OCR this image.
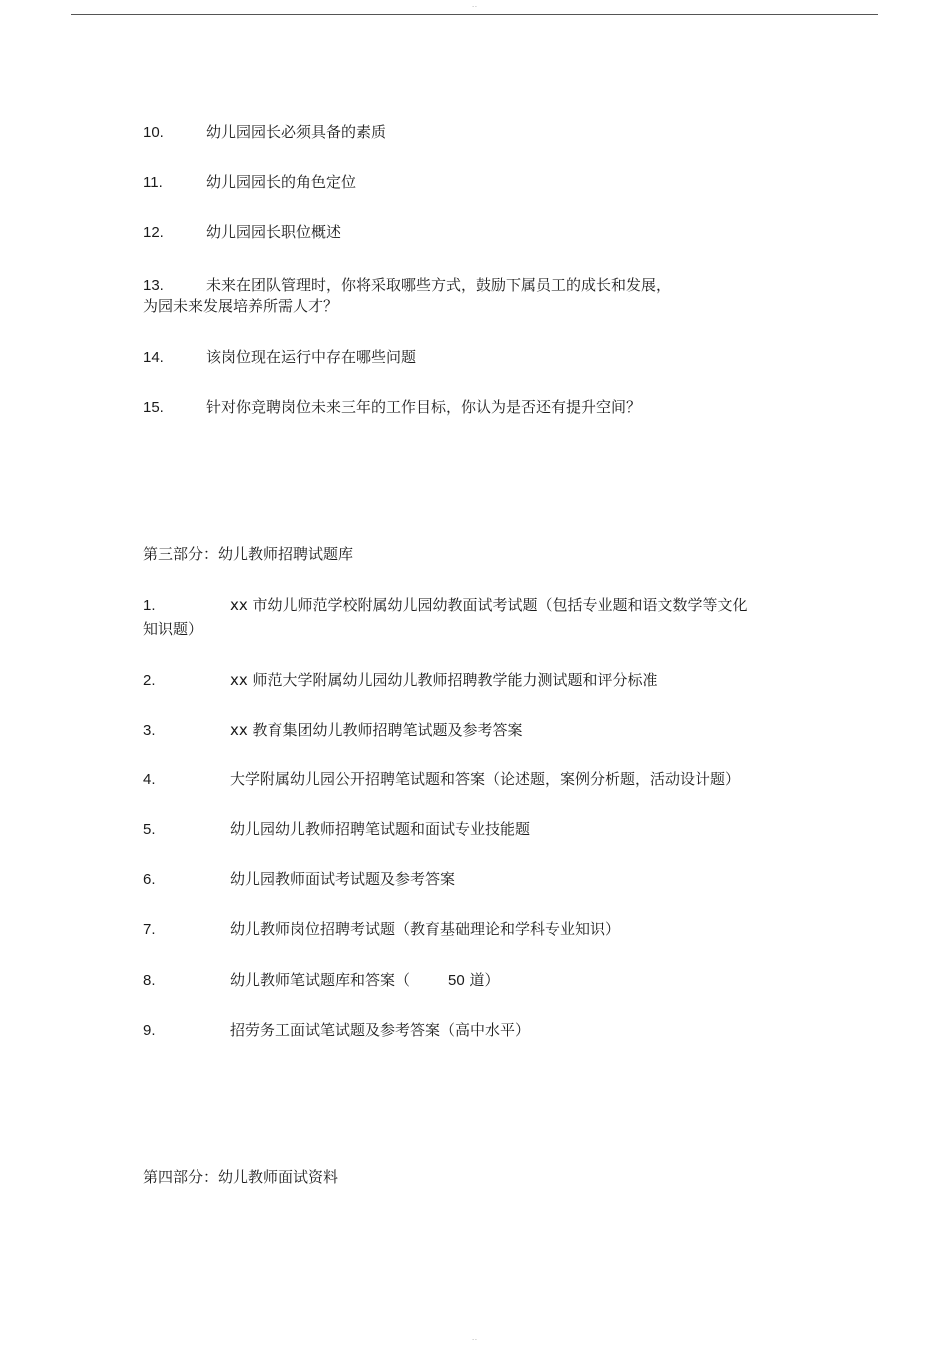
..
10.	幼儿园园长必须具备的素质
11.	幼儿园园长的角色定位
12.	幼儿园园长职位概述
13.	未来在团队管理时，你将采取哪些方式，鼓励下属员工的成长和发展，
为园未来发展培养所需人才？
14.	该岗位现在运行中存在哪些问题
15.	针对你竞聘岗位未来三年的工作目标，你认为是否还有提升空间？
第三部分：幼儿教师招聘试题库
1.	xx 市幼儿师范学校附属幼儿园幼教面试考试题（包括专业题和语文数学等文化
知识题）
2.	xx 师范大学附属幼儿园幼儿教师招聘教学能力测试题和评分标准
3.	xx 教育集团幼儿教师招聘笔试题及参考答案
4.	大学附属幼儿园公开招聘笔试题和答案（论述题，案例分析题，活动设计题）
5.	幼儿园幼儿教师招聘笔试题和面试专业技能题
6.	幼儿园教师面试考试题及参考答案
7.	幼儿教师岗位招聘考试题（教育基础理论和学科专业知识）
8.	幼儿教师笔试题库和答案（	50 道）
9.	招劳务工面试笔试题及参考答案（高中水平）
第四部分：幼儿教师面试资料
..
